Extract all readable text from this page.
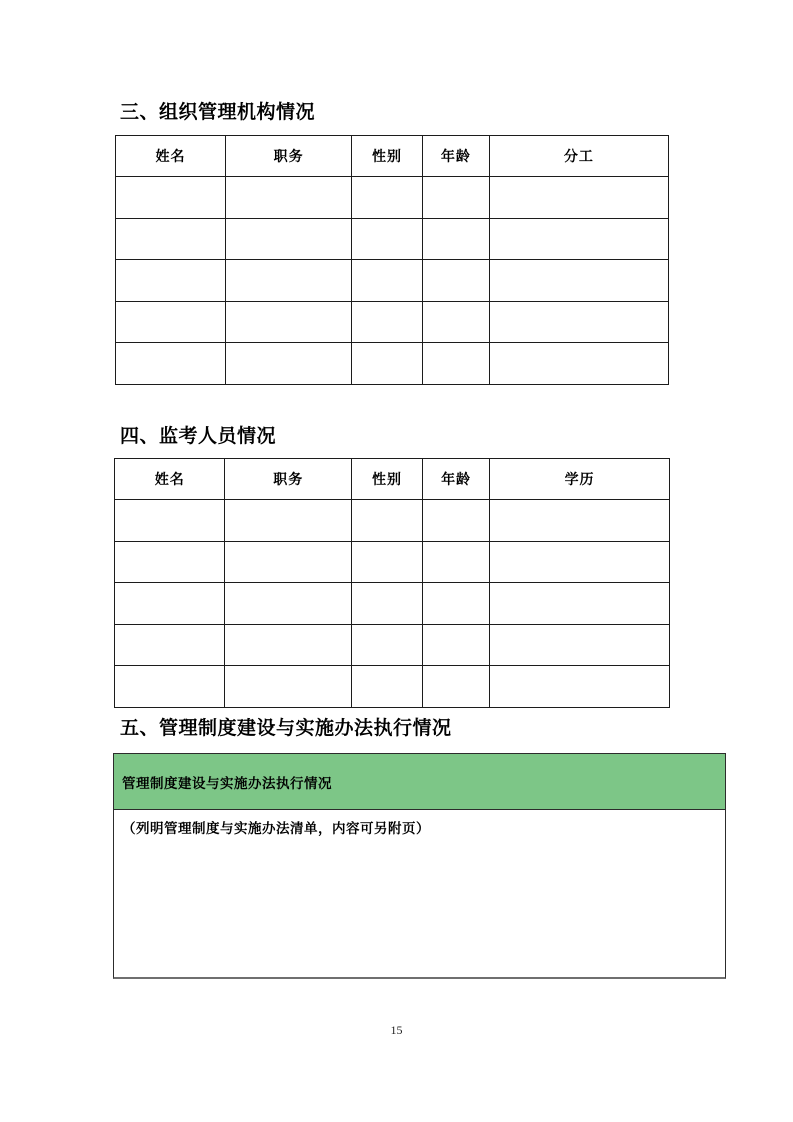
三、组织管理机构情况
姓名	职务	性别	年龄	分工

四、监考人员情况
姓名	职务	性别	年龄	学历

五、管理制度建设与实施办法执行情况
管理制度建设与实施办法执行情况
（列明管理制度与实施办法清单，内容可另附页）
15
